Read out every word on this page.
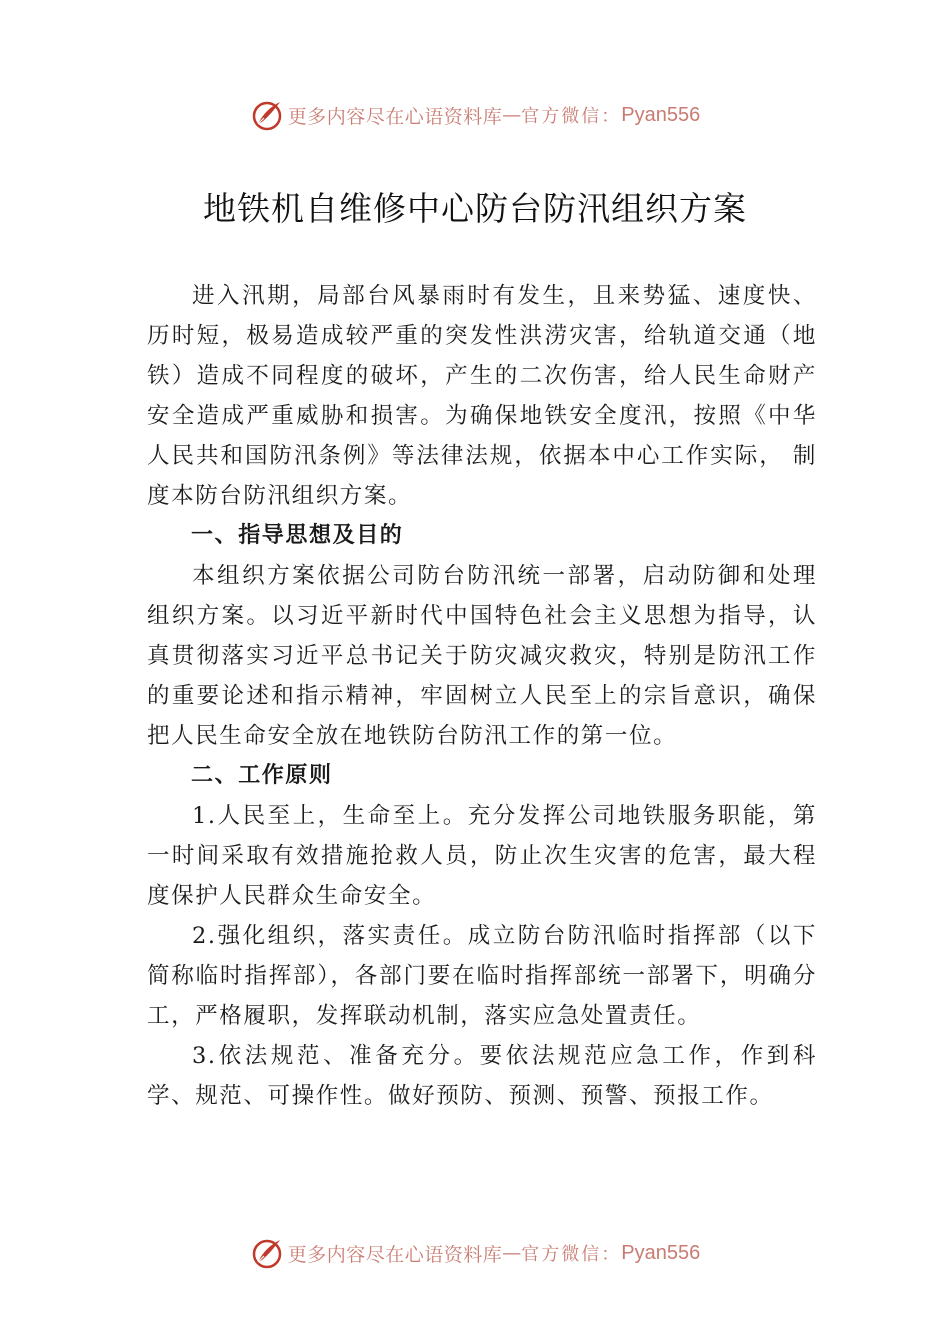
更多内容尽在心语资料库 — 官方微信： Pyan556
地铁机自维修中心防台防汛组织方案

进入汛期，局部台风暴雨时有发生，且来势猛、速度快、历时短，极易造成较严重的突发性洪涝灾害，给轨道交通（地铁）造成不同程度的破坏，产生的二次伤害，给人民生命财产安全造成严重威胁和损害。为确保地铁安全度汛，按照《中华人民共和国防汛条例》等法律法规，依据本中心工作实际， 制度本防台防汛组织方案。

一、指导思想及目的

本组织方案依据公司防台防汛统一部署，启动防御和处理组织方案。以习近平新时代中国特色社会主义思想为指导，认真贯彻落实习近平总书记关于防灾减灾救灾，特别是防汛工作的重要论述和指示精神，牢固树立人民至上的宗旨意识，确保把人民生命安全放在地铁防台防汛工作的第一位。

二、工作原则

1.人民至上，生命至上。充分发挥公司地铁服务职能，第一时间采取有效措施抢救人员，防止次生灾害的危害，最大程度保护人民群众生命安全。

2.强化组织，落实责任。成立防台防汛临时指挥部（以下简称临时指挥部），各部门要在临时指挥部统一部署下，明确分工，严格履职，发挥联动机制，落实应急处置责任。

3.依法规范、准备充分。要依法规范应急工作，作到科学、规范、可操作性。做好预防、预测、预警、预报工作。

更多内容尽在心语资料库 — 官方微信： Pyan556
